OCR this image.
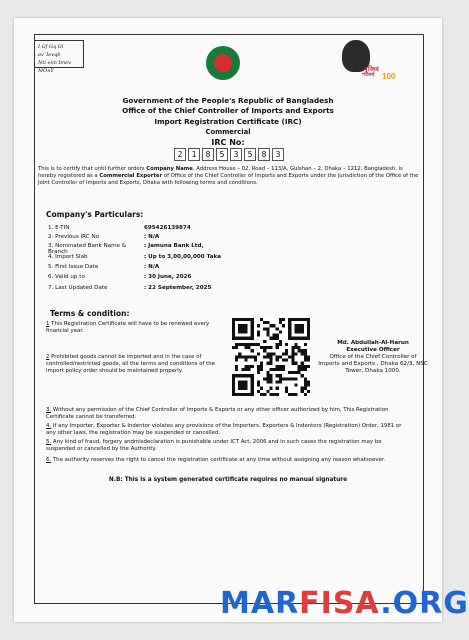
I Gf Gq Gl av¯Íevqb
Nti eim Ímev MÖnY	মুজিব
শতবর্ষ 100
Government of the People's Republic of Bangladesh
Office of the Chief Controller of Imports and Exports
Import Registration Certificate (IRC)
Commercial
IRC No:
2	1	8	5	3	5	8	3
This is to certify that until further orders Company Name, Address House – 02, Road – 113/A, Gulshan – 2, Dhaka – 1212, Bangladesh, is hereby registered as a Commercial Exporter of Office of the Chief Controller of Imports and Exports under the jurisdiction of the Office of the Joint Controller of Imports and Exports, Dhaka with following terms and conditions.
Company's Particulars:
1. E-TIN	695426139874
2. Previous IRC No	: N/A
3. Nominated Bank Name & Branch
: Jamuna Bank Ltd,
4. Import Slab	: Up to 3,00,00,000 Taka
5. First Issue Date	: N/A
6. Valid up to	: 30 June, 2026
7. Last Updated Date	: 22 September, 2025
Terms & condition:
1 This Registration Certificate will have to be renewed every financial year.
2 Prohibited goods cannot be imported and in the case of controlled/restricted goods, all the terms and conditions of the import policy order should be maintained properly.
Md. Abdullah-Al-Harun
Executive Officer
Office of the Chief Controller of Imports and Exports , Dhaka 62/3, NSC Tower, Dhaka 1000.
3. Without any permission of the Chief Controller of Imports & Exports or any other officer authorized by him, This Registration Certificate cannot be transferred.
4. If any Importer, Exporter & Indentor violates any provisions of the Importers, Exporters & Indentors (Registration) Order, 1981 or any other laws, the registration may be suspended or cancelled.
5. Any kind of fraud, forgery andmisdeclaration is punishable under ICT Act, 2006 and in such cases the registration may be suspended or cancelled by the Authority.
6. The authority reserves the right to cancel the registration certificate at any time without assigning any reason whatsoever.
N.B: This is a system generated certificate requires no manual signature
MARFISA.ORG
